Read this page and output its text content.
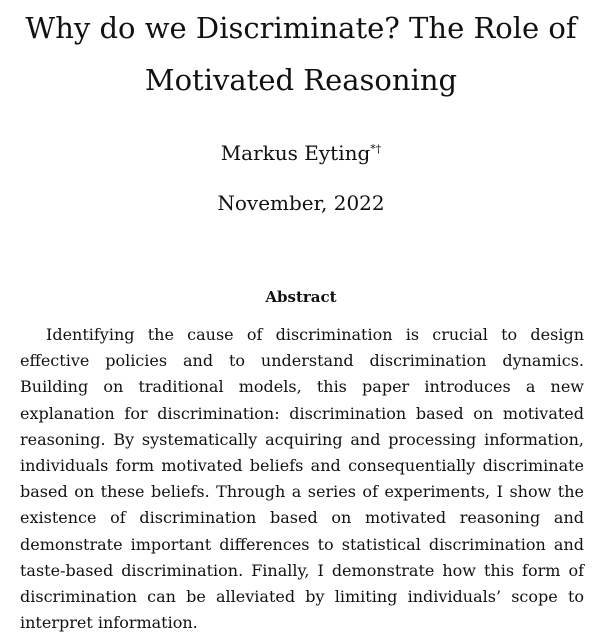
Why do we Discriminate? The Role of
Motivated Reasoning
Markus Eyting*†
November, 2022
Abstract

Identifying the cause of discrimination is crucial to design effective policies and to understand discrimination dynamics. Building on traditional models, this paper introduces a new explanation for discrimination: discrimination based on motivated reasoning. By systematically acquiring and processing information, individuals form motivated beliefs and consequentially discriminate based on these beliefs. Through a series of experiments, I show the existence of discrimination based on motivated reasoning and demonstrate important differences to statistical discrimination and taste-based discrimination. Finally, I demonstrate how this form of discrimination can be alleviated by limiting individuals’ scope to interpret information.
